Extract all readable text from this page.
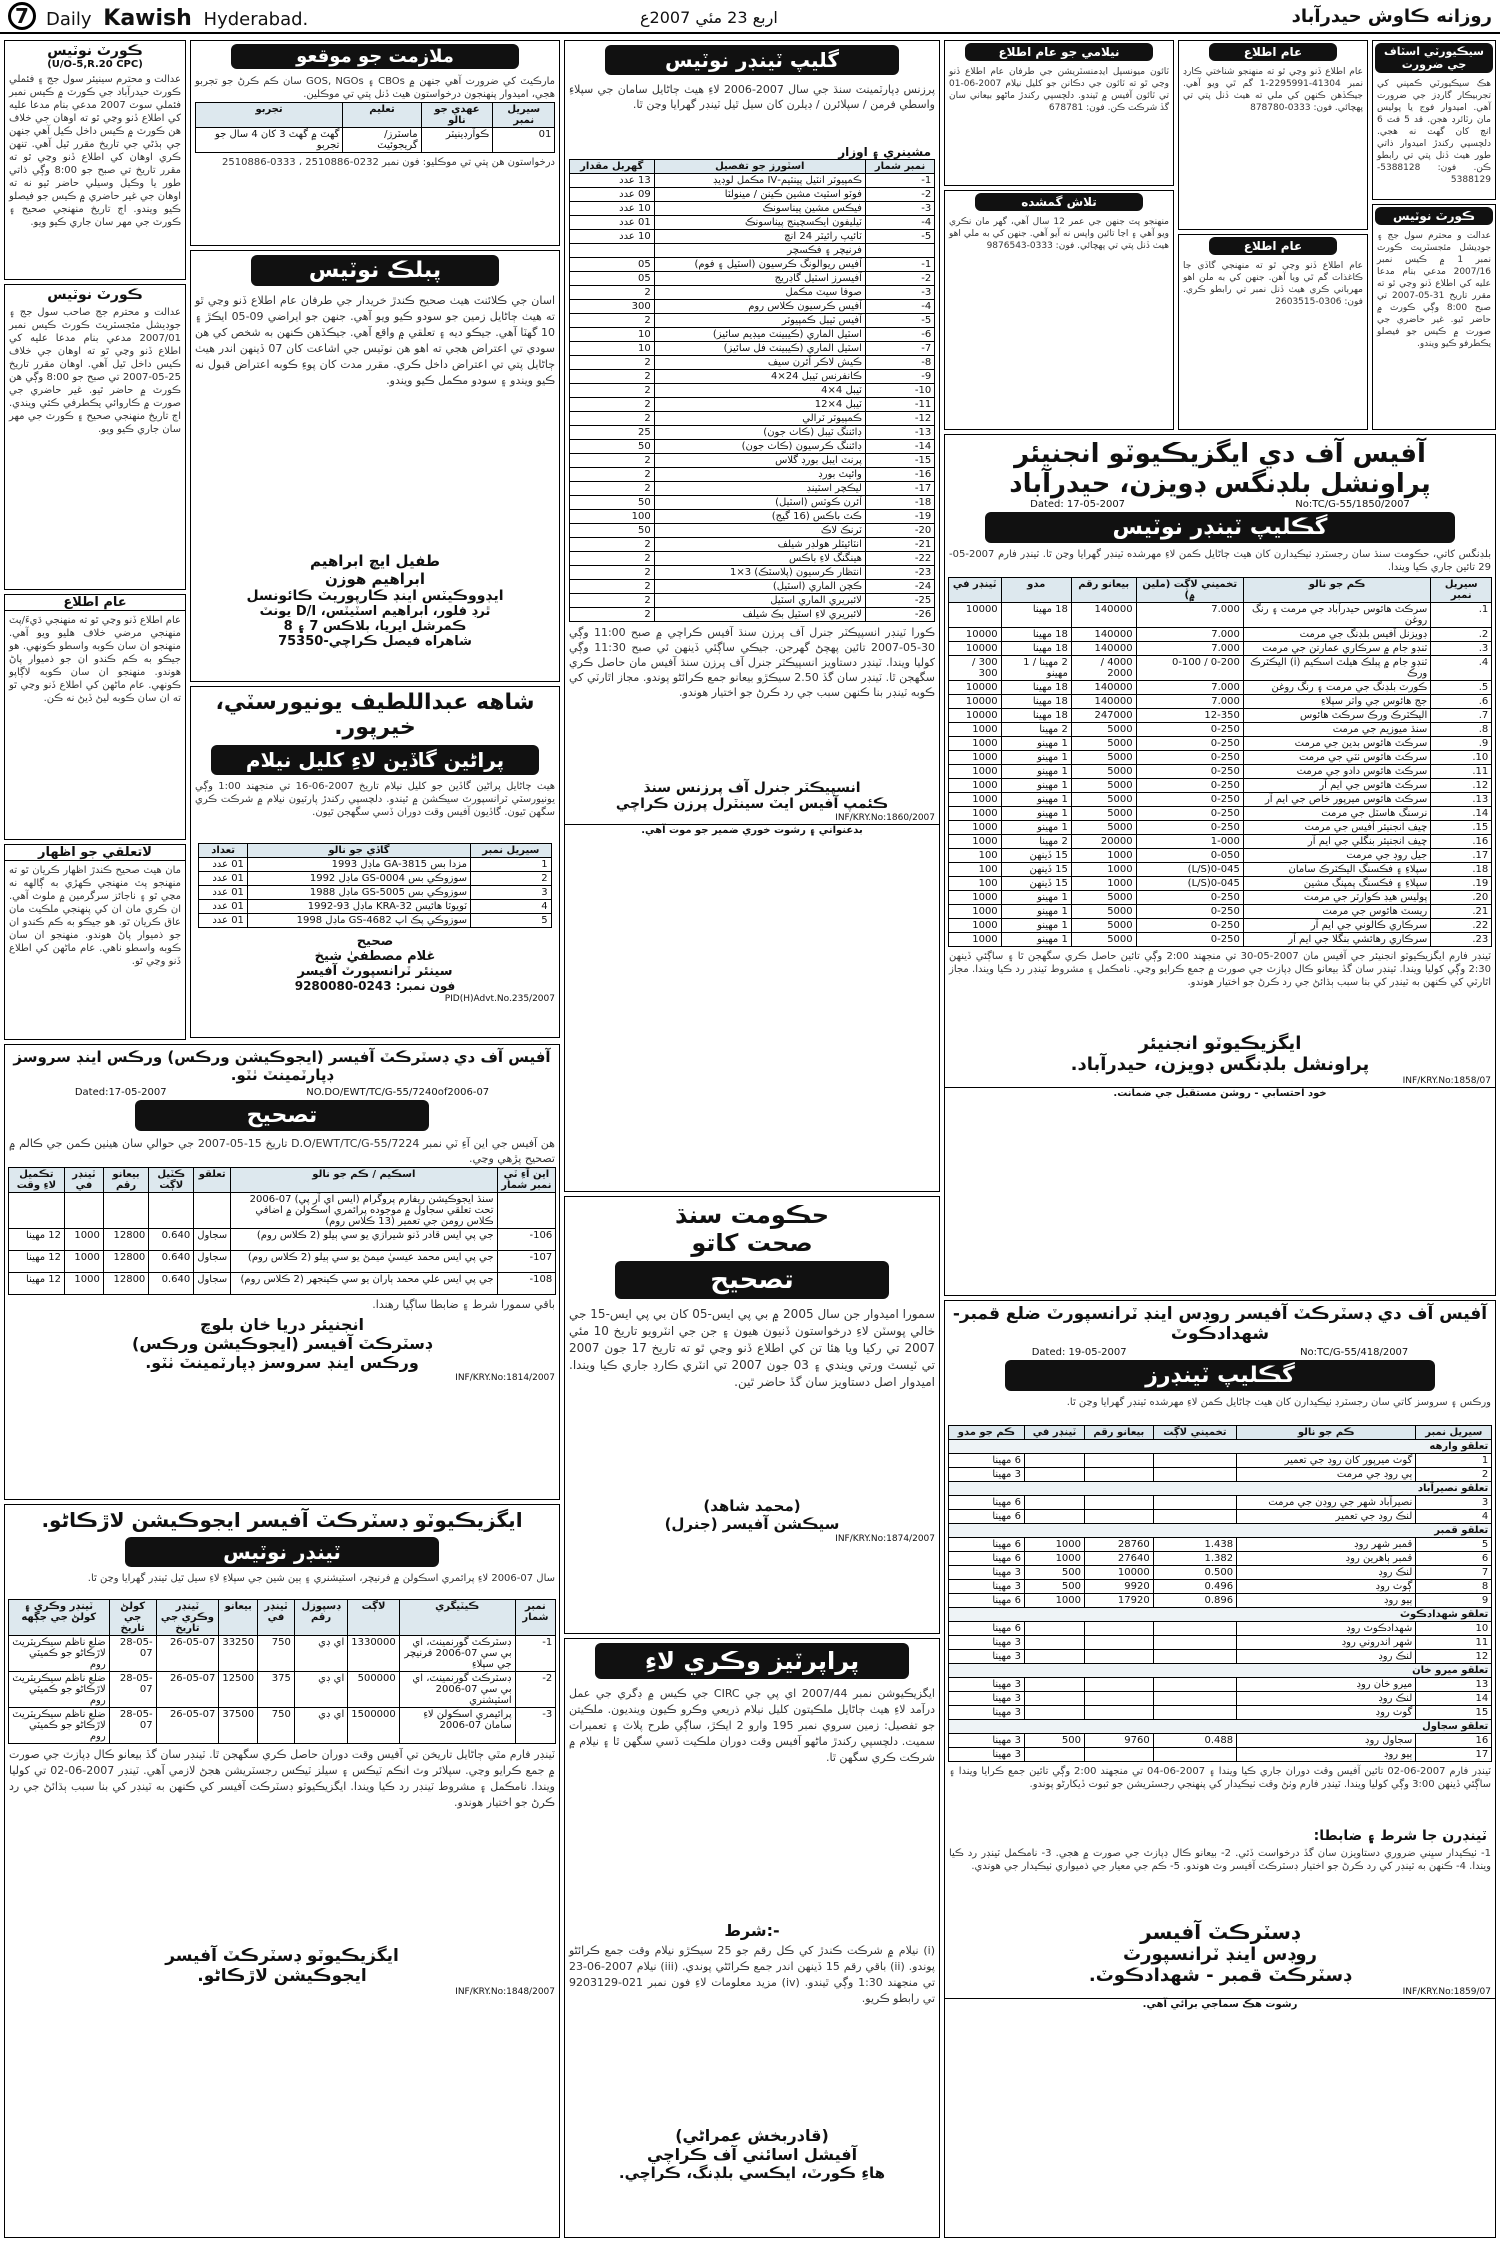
7 Daily Kawish Hyderabad.	اربع 23 مئي 2007ع	روزانه ڪاوش حيدرآباد
ڪورٽ نوٽيس
(U/O-5,R.20 CPC)
عدالت و محترم سينيئر سول جج ۽ فئملي ڪورٽ حيدرآباد جي ڪورٽ ۾ ڪيس نمبر فئملي سوٽ 2007 مدعي بنام مدعا عليه کي اطلاع ڏنو وڃي ٿو ته اوهان جي خلاف هن ڪورٽ ۾ ڪيس داخل ڪيل آهي جنهن جي ٻڌڻي جي تاريخ مقرر ٿيل آهي. تنهن ڪري اوهان کي اطلاع ڏنو وڃي ٿو ته مقرر تاريخ تي صبح جو 8:00 وڳي ذاتي طور يا وڪيل وسيلي حاضر ٿيو نه ته اوهان جي غير حاضري ۾ ڪيس جو فيصلو ڪيو ويندو. اڄ تاريخ منهنجي صحيح ۽ ڪورٽ جي مهر سان جاري ڪيو ويو.
ڪورٽ نوٽيس
عدالت و محترم جج صاحب سول جج ۽ جوڊيشل مئجسٽريٽ ڪورٽ ڪيس نمبر 2007/01 مدعي بنام مدعا عليه کي اطلاع ڏنو وڃي ٿو ته اوهان جي خلاف ڪيس داخل ٿيل آهي. اوهان مقرر تاريخ 25-05-2007 تي صبح جو 8:00 وڳي هن ڪورٽ ۾ حاضر ٿيو. غير حاضري جي صورت ۾ ڪاروائي يڪطرفي ڪئي ويندي. اڄ تاريخ منهنجي صحيح ۽ ڪورٽ جي مهر سان جاري ڪيو ويو.
عام اطلاع
عام اطلاع ڏنو وڃي ٿو ته منهنجي ڌيءَ/پٽ منهنجي مرضي خلاف هليو ويو آهي. منهنجو ان سان ڪوبه واسطو ڪونهي. هو جيڪو به ڪم ڪندو ان جو ذميوار پاڻ هوندو. منهنجو ان سان ڪوبه لاڳاپو ڪونهي. عام ماڻهن کي اطلاع ڏنو وڃي ٿو ته ان سان ڪوبه ليڻ ڏيڻ نه ڪن.
لاتعلقي جو اظهار
مان هيٺ صحيح ڪندڙ اظهار ڪريان ٿو ته منهنجو پٽ منهنجي ڪهڙي به ڳالهه نه مڃي ٿو ۽ ناجائز سرگرمين ۾ ملوث آهي. ان ڪري مان ان کي پنهنجي ملڪيت مان عاق ڪريان ٿو. هو جيڪو به ڪم ڪندو ان جو ذميوار پاڻ هوندو. منهنجو ان سان ڪوبه واسطو ناهي. عام ماڻهن کي اطلاع ڏنو وڃي ٿو.
ملازمت جو موقعو
مارڪيٽ کي ضرورت آهي جنهن ۾ CBOs ۽ GOS, NGOs سان ڪم ڪرڻ جو تجربو هجي، اميدوار پنهنجون درخواستون هيٺ ڏنل پتي تي موڪلين.
سيريل نمبر	عهدي جو نالو	تعليم	تجربو
01	ڪوآرڊينيٽر	ماسٽرز/گريجوئيٽ	گهٽ ۾ گهٽ 3 کان 4 سال جو تجربو
درخواستون هن پتي تي موڪليو: فون نمبر 0232-2510886 ، 0333-2510886
پبلڪ نوٽيس
اسان جي ڪلائنٽ هيٺ صحيح ڪندڙ خريدار جي طرفان عام اطلاع ڏنو وڃي ٿو ته هيٺ ڄاڻايل زمين جو سودو ڪيو ويو آهي. جنهن جو ايراضي 09-05 ايڪڙ ۽ 10 گهٽا آهي. جيڪو ديه ۽ تعلقي ۾ واقع آهي. جيڪڏهن ڪنهن به شخص کي هن سودي تي اعتراض هجي ته اهو هن نوٽيس جي اشاعت کان 07 ڏينهن اندر هيٺ ڄاڻايل پتي تي اعتراض داخل ڪري. مقرر مدت کان پوءِ ڪوبه اعتراض قبول نه ڪيو ويندو ۽ سودو مڪمل ڪيو ويندو.
طفيل ايچ ابراهيم
ابراهيم هوزن
ايڊووڪيٽس اينڊ ڪارپوريٽ ڪائونسل
ٿرڊ فلور، ابراهيم اسٽيٽس، D/I يونٽ
ڪمرشل ايريا، بلاڪس 7 ۽ 8
شاهراه فيصل ڪراچي-75350
شاهه عبداللطيف يونيورسٽي، خيرپور.
پراڻين گاڏين لاءِ کليل نيلام
هيٺ ڄاڻايل پراڻين گاڏين جو کليل نيلام تاريخ 2007-06-16 تي منجهند 1:00 وڳي يونيورسٽي ٽرانسپورٽ سيڪشن ۾ ٿيندو. دلچسپي رکندڙ پارٽيون نيلام ۾ شرڪت ڪري سگهن ٿيون. گاڏيون آفيس وقت دوران ڏسي سگهجن ٿيون.
سيريل نمبر	گاڏي جو نالو	تعداد
1	مزدا بس GA-3815 ماڊل 1993	01 عدد
2	سوزوڪي بس GS-0004 ماڊل 1992	01 عدد
3	سوزوڪي بس GS-5005 ماڊل 1988	01 عدد
4	ٽويوٽا هائيس KRA-32 ماڊل 93-1992	01 عدد
5	سوزوڪي پڪ اپ GS-4682 ماڊل 1998	01 عدد
صحيح
غلام مصطفيٰ شيخ
سينئر ٽرانسپورٽ آفيسر
فون نمبر: 0243-9280080
PID(H)Advt.No.235/2007
گليپ ٽينڊر نوٽيس
پرزنس ڊپارٽمينٽ سنڌ جي سال 2007-2006 لاءِ هيٺ ڄاڻايل سامان جي سپلاءِ واسطي فرمن / سپلائرن / ڊيلرن کان سيل ٿيل ٽينڊر گهرايا وڃن ٿا.
مشينري ۽ اوزار
نمبر شمار	اسٽورز جو تفصيل	گهربل مقدار
1-	ڪمپيوٽر انٽيل پينٽيم-IV مڪمل لوڊيڊ	13 عدد
2-	فوٽو اسٽيٽ مشين ڪينن / مينولٽا	09 عدد
3-	فيڪس مشين پيناسونڪ	10 عدد
4-	ٽيليفون ايڪسچينج پيناسونڪ	01 عدد
5-	ٽائيپ رائيٽر 24 انچ	10 عدد
	فرنيچر ۽ فڪسچر	
1-	آفيس ريوالونگ ڪرسيون (اسٽيل ۽ فوم)	05
2-	آفيسرز اسٽيل گاڊريج	05
3-	صوفا سيٽ مڪمل	2
4-	آفيس ڪرسيون ڪلاس روم	300
5-	آفيس ٽيبل ڪمپيوٽر	2
6-	اسٽيل الماري (ڪيبينٽ ميڊيم سائيز)	10
7-	اسٽيل الماري (ڪيبينٽ فل سائيز)	10
8-	ڪيش لاڪر آئرن سيف	2
9-	ڪانفرنس ٽيبل 24×4	2
10-	ٽيبل 4×4	2
11-	ٽيبل 4×12	2
12-	ڪمپيوٽر ٽرالي	2
13-	ڊائننگ ٽيبل (ڪاٺ جون)	25
14-	ڊائننگ ڪرسيون (ڪاٺ جون)	50
15-	پرنٽ ايبل بورڊ گلاس	2
16-	وائيٽ بورڊ	2
17-	ليڪچر اسٽينڊ	2
18-	آئرن ڪوٽس (اسٽيل)	50
19-	ڪٽ باڪس (16 گيج)	100
20-	ٽرنڪ لاڪ	50
21-	انٽائيٽلر هولڊر شيلف	2
22-	هينگنگ لاءِ باڪس	2
23-	انتظار ڪرسيون (پلاسٽڪ) 3×1	2
24-	ڪچن الماري (اسٽيل)	2
25-	لائبريري الماري اسٽيل	2
26-	لائبريري لاءِ اسٽيل بڪ شيلف	2
ڪورا ٽينڊر انسپيڪٽر جنرل آف پرزن سنڌ آفيس ڪراچي ۾ صبح 11:00 وڳي 30-05-2007 تائين پهچڻ گهرجن. جيڪي ساڳئي ڏينهن ئي صبح 11:30 وڳي کوليا ويندا. ٽينڊر دستاويز انسپيڪٽر جنرل آف پرزن سنڌ آفيس مان حاصل ڪري سگهجن ٿا. ٽينڊر سان گڏ 2.50 سيڪڙو بيعانو جمع ڪرائڻو پوندو. مجاز اٿارٽي کي ڪوبه ٽينڊر بنا ڪنهن سبب جي رد ڪرڻ جو اختيار هوندو.
انسپيڪٽر جنرل آف پرزنس سنڌ
ڪئمپ آفيس ايٽ سينٽرل پرزن ڪراچي
INF/KRY.No:1860/2007
بدعنواني ۽ رشوت خوري ضمير جو موت آهي.
حڪومت سنڌ
صحت کاتو
تصحيح
سمورا اميدوار جن سال 2005 ۾ بي پي ايس-05 کان بي پي ايس-15 جي خالي پوسٽن لاءِ درخواستون ڏنيون هيون ۽ جن جي انٽرويو تاريخ 10 مئي 2007 تي رکيا ويا هئا تن کي اطلاع ڏنو وڃي ٿو ته تاريخ 17 جون 2007 تي ٽيسٽ ورتي ويندي ۽ 03 جون 2007 تي انٽري ڪارڊ جاري ڪيا ويندا. اميدوار اصل دستاويز سان گڏ حاضر ٿين.
(محمد شاهد)
سيڪشن آفيسر (جنرل)
INF/KRY.No:1874/2007
پراپرٽيز وڪري لاءِ
ايگزيڪيوشن نمبر 2007/44 اي پي جي CIRC جي ڪيس ۾ ڊگري جي عمل درآمد لاءِ هيٺ ڄاڻايل ملڪيتون کليل نيلام ذريعي وڪرو ڪيون وينديون. ملڪيتن جو تفصيل: زمين سروي نمبر 195 وارو 2 ايڪڙ، ساڳي طرح پلاٽ ۽ تعميرات سميت. دلچسپي رکندڙ ماڻهو آفيس وقت دوران ملڪيت ڏسي سگهن ٿا ۽ نيلام ۾ شرڪت ڪري سگهن ٿا.
شرط:-
(i) نيلام ۾ شرڪت ڪندڙ کي ڪل رقم جو 25 سيڪڙو نيلام وقت جمع ڪرائڻو پوندو. (ii) باقي رقم 15 ڏينهن اندر جمع ڪرائڻي پوندي. (iii) نيلام 2007-06-23 تي منجهند 1:30 وڳي ٿيندو. (iv) مزيد معلومات لاءِ فون نمبر 021-9203129 تي رابطو ڪريو.
(قادربخش عمراڻي)
آفيشل اسائني آف ڪراچي
هاءِ ڪورٽ، ايڪسي بلڊنگ، ڪراچي.
سيڪيورٽي اسٽاف جي ضرورت
هڪ سيڪيورٽي ڪمپني کي تجربيڪار گارڊز جي ضرورت آهي. اميدوار فوج يا پوليس مان رٽائرڊ هجن. قد 5 فٽ 6 انچ کان گهٽ نه هجي. دلچسپي رکندڙ اميدوار ذاتي طور هيٺ ڏنل پتي تي رابطو ڪن. فون: 5388128-5388129
ڪورٽ نوٽيس
عدالت و محترم سول جج ۽ جوڊيشل مئجسٽريٽ ڪورٽ نمبر 1 ۾ ڪيس نمبر 2007/16 مدعي بنام مدعا عليه کي اطلاع ڏنو وڃي ٿو ته مقرر تاريخ 31-05-2007 تي صبح 8:00 وڳي ڪورٽ ۾ حاضر ٿيو. غير حاضري جي صورت ۾ ڪيس جو فيصلو يڪطرفو ڪيو ويندو.
عام اطلاع
عام اطلاع ڏنو وڃي ٿو ته منهنجو شناختي ڪارڊ نمبر 41304-2295991-1 گم ٿي ويو آهي. جيڪڏهن ڪنهن کي ملي ته هيٺ ڏنل پتي تي پهچائي. فون: 0333-878780
عام اطلاع
عام اطلاع ڏنو وڃي ٿو ته منهنجي گاڏي جا ڪاغذات گم ٿي ويا آهن. جنهن کي به ملن اهو مهرباني ڪري هيٺ ڏنل نمبر تي رابطو ڪري. فون: 0306-2603515
نيلامي جو عام اطلاع
ٽائون ميونسپل ايڊمنسٽريشن جي طرفان عام اطلاع ڏنو وڃي ٿو ته ٽائون جي دڪانن جو کليل نيلام 2007-06-01 تي ٽائون آفيس ۾ ٿيندو. دلچسپي رکندڙ ماڻهو بيعاني سان گڏ شرڪت ڪن. فون: 678781
تلاش گمشده
منهنجو پٽ جنهن جي عمر 12 سال آهي، گهر مان نڪري ويو آهي ۽ اڃا تائين واپس نه آيو آهي. جنهن کي به ملي اهو هيٺ ڏنل پتي تي پهچائي. فون: 0333-9876543
آفيس آف دي ايگزيڪيوٽو انجنيئر
پراونشل بلڊنگس ڊويزن، حيدرآباد
Dated: 17-05-2007	No:TC/G-55/1850/2007
گڪليپ ٽينڊر نوٽيس
بلڊنگس کاتي، حڪومت سنڌ سان رجسٽرڊ ٺيڪيدارن کان هيٺ ڄاڻايل ڪمن لاءِ مهرشده ٽينڊر گهرايا وڃن ٿا. ٽينڊر فارم 2007-05-29 تائين جاري ڪيا ويندا.
سيريل نمبر	ڪم جو نالو	تخميني لاڳت (ملين ۾)	بيعانو رقم	مدو	ٽينڊر في
1.	سرڪٽ هائوس حيدرآباد جي مرمت ۽ رنگ روغن	7.000	140000	18 مهينا	10000
2.	ڊويزنل آفيس بلڊنگ جي مرمت	7.000	140000	18 مهينا	10000
3.	ٽنڊو جام ۾ سرڪاري عمارتن جي مرمت	7.000	140000	18 مهينا	10000
4.	ٽنڊو جام ۾ پبلڪ هيلٿ اسڪيم (i) اليڪٽرڪ ورڪ	0-200 / 0-100	4000 / 2000	2 مهينا / 1 مهينو	300 / 300
5.	ڪورٽ بلڊنگ جي مرمت ۽ رنگ روغن	7.000	140000	18 مهينا	10000
6.	جج هائوس جي واٽر سپلاءِ	7.000	140000	18 مهينا	10000
7.	اليڪٽرڪ ورڪ سرڪٽ هائوس	12-350	247000	18 مهينا	10000
8.	سنڌ ميوزيم جي مرمت	0-250	5000	2 مهينا	1000
9.	سرڪٽ هائوس بدين جي مرمت	0-250	5000	1 مهينو	1000
10.	سرڪٽ هائوس ٺٽي جي مرمت	0-250	5000	1 مهينو	1000
11.	سرڪٽ هائوس دادو جي مرمت	0-250	5000	1 مهينو	1000
12.	سرڪٽ هائوس جي ايم آر	0-250	5000	1 مهينو	1000
13.	سرڪٽ هائوس ميرپور خاص جي ايم آر	0-250	5000	1 مهينو	1000
14.	نرسنگ هاسٽل جي مرمت	0-250	5000	1 مهينو	1000
15.	چيف انجنيئر آفيس جي مرمت	0-250	5000	1 مهينو	1000
16.	چيف انجنيئر بنگلي جي ايم آر	1-000	20000	2 مهينا	1000
17.	جيل روڊ جي مرمت	0-050	1000	15 ڏينهن	100
18.	سپلاءِ ۽ فڪسنگ اليڪٽرڪ سامان	0-045(L/S)	1000	15 ڏينهن	100
19.	سپلاءِ ۽ فڪسنگ پمپنگ مشين	0-045(L/S)	1000	15 ڏينهن	100
20.	پوليس هيڊ ڪوارٽر جي مرمت	0-250	5000	1 مهينو	1000
21.	ريسٽ هائوس جي مرمت	0-250	5000	1 مهينو	1000
22.	سرڪاري ڪالوني جي ايم آر	0-250	5000	1 مهينو	1000
23.	سرڪاري رهائشي بنگلا جي ايم آر	0-250	5000	1 مهينو	1000
ٽينڊر فارم ايگزيڪيوٽو انجنيئر جي آفيس مان 2007-05-30 تي منجهند 2:00 وڳي تائين حاصل ڪري سگهجن ٿا ۽ ساڳئي ڏينهن 2:30 وڳي کوليا ويندا. ٽينڊر سان گڏ بيعانو ڪال ڊپازٽ جي صورت ۾ جمع ڪرايو وڃي. نامڪمل ۽ مشروط ٽينڊر رد ڪيا ويندا. مجاز اٿارٽي کي ڪنهن به ٽينڊر کي بنا سبب ٻڌائڻ جي رد ڪرڻ جو اختيار هوندو.
ايگزيڪيوٽو انجنيئر
پراونشل بلڊنگس ڊويزن، حيدرآباد.
INF/KRY.No:1858/07
خود احتسابي - روشن مستقبل جي ضمانت.
آفيس آف دي ڊسٽرڪٽ آفيسر روڊس اينڊ ٽرانسپورٽ ضلع قمبر- شهدادڪوٽ
Dated: 19-05-2007	No:TC/G-55/418/2007
گڪليپ ٽينڊرز
ورڪس ۽ سروسز کاتي سان رجسٽرڊ ٺيڪيدارن کان هيٺ ڄاڻايل ڪمن لاءِ مهرشده ٽينڊر گهرايا وڃن ٿا.
سيريل نمبر	ڪم جو نالو	تخميني لاڳت	بيعانو رقم	ٽينڊر في	ڪم جو مدو
تعلقو وارهه					
1	گوٺ ميرپور کان روڊ جي تعمير				6 مهينا
2	ٻي روڊ جي مرمت				3 مهينا
تعلقو نصيرآباد					
3	نصيرآباد شهر جي روڊن جي مرمت				6 مهينا
4	لنڪ روڊ جي تعمير				6 مهينا
تعلقو قمبر					
5	قمبر شهر روڊ	1.438	28760	1000	6 مهينا
6	قمبر ٻاهرين روڊ	1.382	27640	1000	6 مهينا
7	لنڪ روڊ	0.500	10000	500	3 مهينا
8	ڳوٺ روڊ	0.496	9920	500	3 مهينا
9	ٻيو روڊ	0.896	17920	1000	6 مهينا
تعلقو شهدادڪوٽ					
10	شهدادڪوٽ روڊ				6 مهينا
11	شهر اندروني روڊ				3 مهينا
12	لنڪ روڊ				3 مهينا
تعلقو ميرو خان					
13	ميرو خان روڊ				3 مهينا
14	لنڪ روڊ				3 مهينا
15	گوٺ روڊ				3 مهينا
تعلقو سجاول					
16	سجاول روڊ	0.488	9760	500	3 مهينا
17	ٻيو روڊ				3 مهينا
ٽينڊر فارم 2007-06-02 تائين آفيس وقت دوران جاري ڪيا ويندا ۽ 2007-06-04 تي منجهند 2:00 وڳي تائين جمع ڪرايا ويندا ۽ ساڳئي ڏينهن 3:00 وڳي کوليا ويندا. ٽينڊر فارم وٺڻ وقت ٺيڪيدار کي پنهنجي رجسٽريشن جو ثبوت ڏيکارڻو پوندو.
ٽينڊرن جا شرط ۽ ضابطا:
1- ٺيڪيدار سڀني ضروري دستاويزن سان گڏ درخواست ڏئي. 2- بيعانو ڪال ڊپازٽ جي صورت ۾ هجي. 3- نامڪمل ٽينڊر رد ڪيا ويندا. 4- ڪنهن به ٽينڊر کي رد ڪرڻ جو اختيار ڊسٽرڪٽ آفيسر وٽ هوندو. 5- ڪم جي معيار جي ذميواري ٺيڪيدار جي هوندي.
ڊسٽرڪٽ آفيسر
روڊس اينڊ ٽرانسپورٽ
ڊسٽرڪٽ قمبر - شهدادڪوٽ.
INF/KRY.No:1859/07
رشوت هڪ سماجي برائي آهي.
آفيس آف دي ڊسٽرڪٽ آفيسر (ايجوڪيشن ورڪس) ورڪس اينڊ سروسز ڊپارٽمينٽ ٺٽو.
Dated:17-05-2007	NO.DO/EWT/TC/G-55/7240of2006-07
تصحيح
هن آفيس جي اين آءِ ٽي نمبر D.O/EWT/TC/G-55/7224 تاريخ 15-05-2007 جي حوالي سان هيٺين ڪمن جي ڪالم ۾ تصحيح پڙهي وڃي.
اين آءِ ٽي نمبر شمار	اسڪيم / ڪم جو نالو	تعلقو	ڪٽيل لاڳت	بيعانو رقم	ٽينڊر في	تڪميل لاءِ وقت
	سنڌ ايجوڪيشن ريفارم پروگرام (ايس اي آر پي) 07-2006 تحت تعلقي سجاول ۾ موجوده پرائمري اسڪولن ۾ اضافي ڪلاس رومن جي تعمير (13 ڪلاس روم)					
106-	جي پي ايس قادر ڏنو شيرازي يو سي ٻيلو (2 ڪلاس روم)	سجاول	0.640	12800	1000	12 مهينا
107-	جي پي ايس محمد عيسيٰ ميمڻ يو سي ٻيلو (2 ڪلاس روم)	سجاول	0.640	12800	1000	12 مهينا
108-	جي پي ايس علي محمد ٻاران يو سي ڪينجهر (2 ڪلاس روم)	سجاول	0.640	12800	1000	12 مهينا
باقي سمورا شرط ۽ ضابطا ساڳيا رهندا.
انجنيئر دريا خان بلوچ
ڊسٽرڪٽ آفيسر (ايجوڪيشن ورڪس)
ورڪس اينڊ سروسز ڊپارٽمينٽ ٺٽو.
INF/KRY.No:1814/2007
ايگزيڪيوٽو ڊسٽرڪٽ آفيسر ايجوڪيشن لاڙڪاڻو.
ٽينڊر نوٽيس
سال 07-2006 لاءِ پرائمري اسڪولن ۾ فرنيچر، اسٽيشنري ۽ ٻين شين جي سپلاءِ لاءِ سيل ٿيل ٽينڊر گهرايا وڃن ٿا.
نمبر شمار	ڪيٽيگري	لاڳت	ڊسپوزل رقم	ٽينڊر في	بيعانو	ٽينڊر وڪري جي تاريخ	کولڻ جي تاريخ	ٽينڊر وڪري ۽ کولڻ جي جڳهه
1-	ڊسٽرڪٽ گورنمينٽ، اي بي سي 07-2006 فرنيچر جي سپلاءِ	1330000	اي ڊي	750	33250	26-05-07	28-05-07	ضلع ناظم سيڪريٽريٽ لاڙڪاڻو جو ڪميٽي روم
2-	ڊسٽرڪٽ گورنمينٽ، اي بي سي 07-2006 اسٽيشنري	500000	اي ڊي	375	12500	26-05-07	28-05-07	ضلع ناظم سيڪريٽريٽ لاڙڪاڻو جو ڪميٽي روم
3-	پرائيمري اسڪولن لاءِ سامان 07-2006	1500000	اي ڊي	750	37500	26-05-07	28-05-07	ضلع ناظم سيڪريٽريٽ لاڙڪاڻو جو ڪميٽي روم
ٽينڊر فارم مٿي ڄاڻايل تاريخن تي آفيس وقت دوران حاصل ڪري سگهجن ٿا. ٽينڊر سان گڏ بيعانو ڪال ڊپازٽ جي صورت ۾ جمع ڪرايو وڃي. سپلائر وٽ انڪم ٽيڪس ۽ سيلز ٽيڪس رجسٽريشن هجڻ لازمي آهي. ٽينڊر 2007-06-02 تي کوليا ويندا. نامڪمل ۽ مشروط ٽينڊر رد ڪيا ويندا. ايگزيڪيوٽو ڊسٽرڪٽ آفيسر کي ڪنهن به ٽينڊر کي بنا سبب ٻڌائڻ جي رد ڪرڻ جو اختيار هوندو.
ايگزيڪيوٽو ڊسٽرڪٽ آفيسر
ايجوڪيشن لاڙڪاڻو.
INF/KRY.No:1848/2007
